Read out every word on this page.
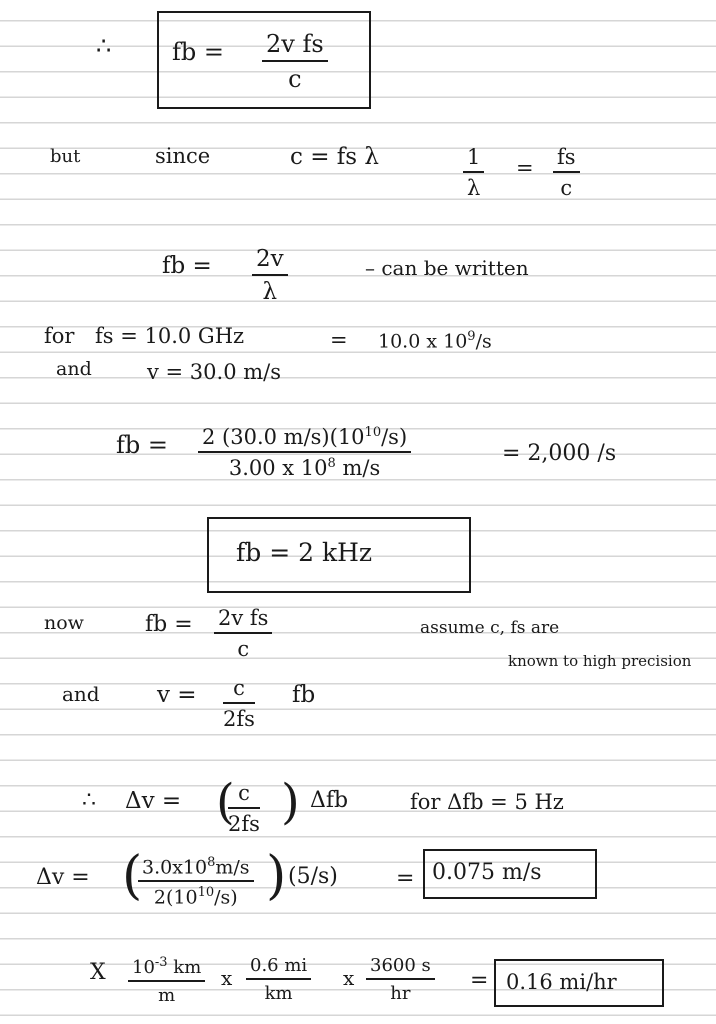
∴	fb = $\frac{\text{2v fs}}{c}$
but	since	c = fs λ	$\frac{1}{\lambda} = \frac{fs}{c}$
fb = $\frac{2v}{\lambda}$	– can be written
for fs = 10.0 GHz	= 10.0 x $10^9/s$
and	v = 30.0 m/s
fb = $\frac{2 (30.0 m/s)(10^{10}/s)}{3.00 x 10^8 m/s}$	= 2,000 /s
fb = 2 kHz
now	fb = $\frac{\text{2v fs}}{c}$	assume c, fs are
known to high precision
and $v = \frac{c}{2fs}$ fb
∴ Δv = (
$\frac{c}{2fs}$ ) Δfb	for Δfb = 5 Hz
Δv = (
$\frac{3.0x10^8m/s}{2(10^{10}/s)}$ ) (5/s)	= 0.075 m/s
X $\frac{10^{-3} km}{m}$ x $\frac{0.6 mi}{km}$ x $\frac{3600 s}{hr} = 0.16$ mi/hr
